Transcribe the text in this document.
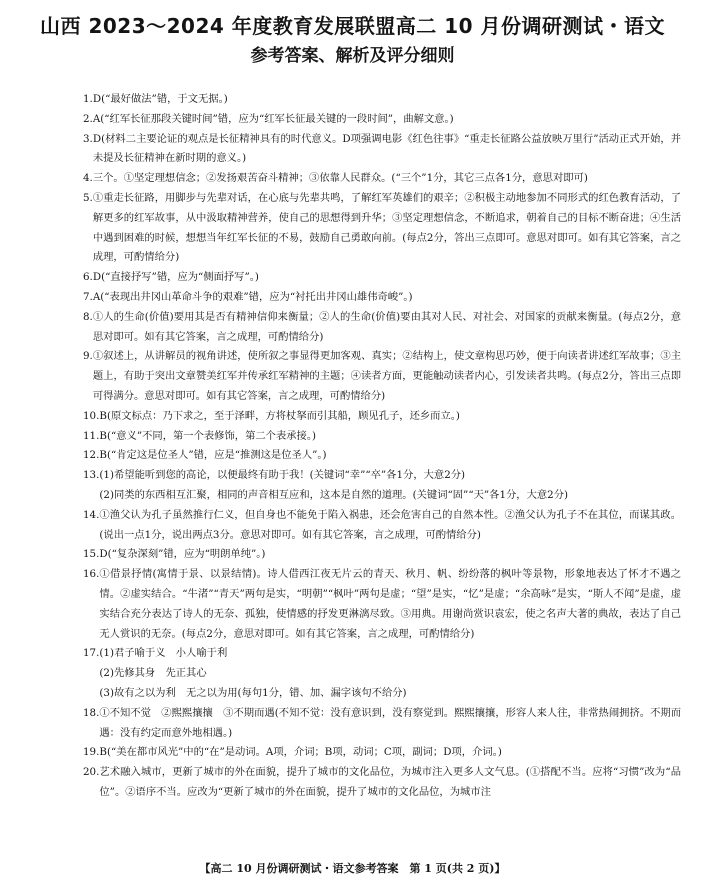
山西 2023～2024 年度教育发展联盟高二 10 月份调研测试・语文
参考答案、解析及评分细则
1. D(“最好做法”错，于文无据。)
2. A(“红军长征那段关键时间”错，应为“红军长征最关键的一段时间”，曲解文意。)
3. D(材料二主要论证的观点是长征精神具有的时代意义。D项强调电影《红色往事》“重走长征路公益放映万里行”活动正式开始，并未提及长征精神在新时期的意义。)
4. 三个。①坚定理想信念；②发扬艰苦奋斗精神；③依靠人民群众。(“三个”1分，其它三点各1分，意思对即可)
5. ①重走长征路，用脚步与先辈对话，在心底与先辈共鸣，了解红军英雄们的艰辛；②积极主动地参加不同形式的红色教育活动，了解更多的红军故事，从中汲取精神营养，使自己的思想得到升华；③坚定理想信念，不断追求，朝着自己的目标不断奋进；④生活中遇到困难的时候，想想当年红军长征的不易，鼓励自己勇敢向前。(每点2分，答出三点即可。意思对即可。如有其它答案，言之成理，可酌情给分)
6. D(“直接抒写”错，应为“侧面抒写”。)
7. A(“表现出井冈山革命斗争的艰难”错，应为“衬托出井冈山雄伟奇峻”。)
8. ①人的生命(价值)要用其是否有精神信仰来衡量；②人的生命(价值)要由其对人民、对社会、对国家的贡献来衡量。(每点2分，意思对即可。如有其它答案，言之成理，可酌情给分)
9. ①叙述上，从讲解员的视角讲述，使所叙之事显得更加客观、真实；②结构上，使文章构思巧妙，便于向读者讲述红军故事；③主题上，有助于突出文章赞美红军并传承红军精神的主题；④读者方面，更能触动读者内心，引发读者共鸣。(每点2分，答出三点即可得满分。意思对即可。如有其它答案，言之成理，可酌情给分)
10. B(原文标点：乃下求之，至于泽畔，方将杖拏而引其船，顾见孔子，还乡而立。)
11. B(“意义”不同，第一个表修饰，第二个表承接。)
12. B(“肯定这是位圣人”错，应是“推测这是位圣人”。)
13. (1)希望能听到您的高论，以便最终有助于我！(关键词“幸”“卒”各1分，大意2分)
(2)同类的东西相互汇聚，相同的声音相互应和，这本是自然的道理。(关键词“固”“天”各1分，大意2分)
14. ①渔父认为孔子虽然推行仁义，但自身也不能免于陷入祸患，还会危害自己的自然本性。②渔父认为孔子不在其位，而谋其政。(说出一点1分，说出两点3分。意思对即可。如有其它答案，言之成理，可酌情给分)
15. D(“复杂深刻”错，应为“明朗单纯”。)
16. ①借景抒情(寓情于景、以景结情)。诗人借西江夜无片云的青天、秋月、帆、纷纷落的枫叶等景物，形象地表达了怀才不遇之情。②虚实结合。“牛渚”“青天”两句是实，“明朝”“枫叶”两句是虚；“望”是实，“忆”是虚；“余高咏”是实，“斯人不闻”是虚，虚实结合充分表达了诗人的无奈、孤独，使情感的抒发更淋漓尽致。③用典。用谢尚赏识袁宏，使之名声大著的典故，表达了自己无人赏识的无奈。(每点2分，意思对即可。如有其它答案，言之成理，可酌情给分)
17. (1)君子喻于义　小人喻于利
(2)先修其身　先正其心
(3)故有之以为利　无之以为用(每句1分，错、加、漏字该句不给分)
18. ①不知不觉　②熙熙攘攘　③不期而遇(不知不觉：没有意识到，没有察觉到。熙熙攘攘，形容人来人往，非常热闹拥挤。不期而遇：没有约定而意外地相遇。)
19. B(“美在都市风光”中的“在”是动词。A项，介词；B项，动词；C项，副词；D项，介词。)
20. 艺术融入城市，更新了城市的外在面貌，提升了城市的文化品位，为城市注入更多人文气息。(①搭配不当。应将“习惯”改为“品位”。②语序不当。应改为“更新了城市的外在面貌，提升了城市的文化品位，为城市注
【高二 10 月份调研测试・语文参考答案　第 1 页(共 2 页)】
